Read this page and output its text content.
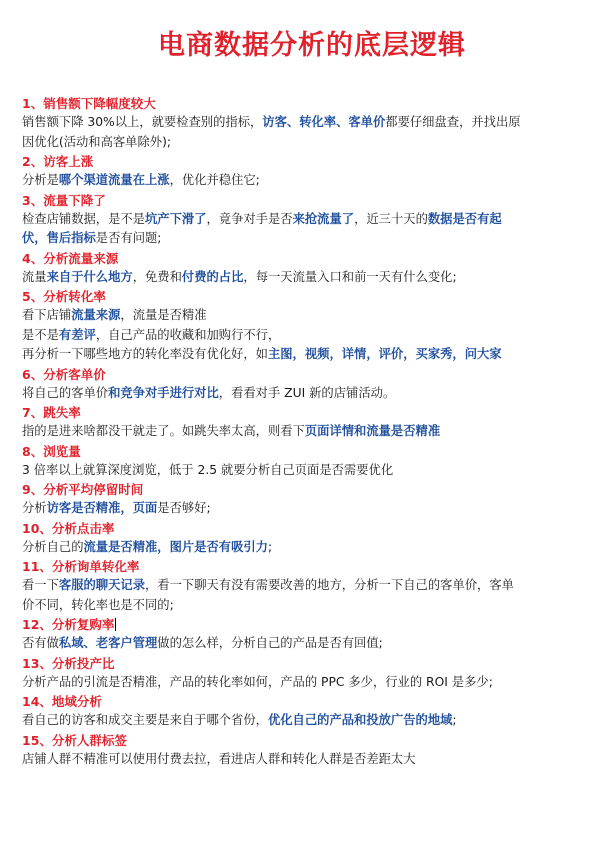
电商数据分析的底层逻辑
1、销售额下降幅度较大
销售额下降 30%以上，就要检查别的指标，访客、转化率、客单价都要仔细盘查，并找出原
因优化(活动和高客单除外);
2、访客上涨
分析是哪个渠道流量在上涨，优化并稳住它;
3、流量下降了
检查店铺数据，是不是坑产下滑了，竟争对手是否来抢流量了，近三十天的数据是否有起
伏，售后指标是否有问题;
4、分析流量来源
流量来自于什么地方，免费和付费的占比，每一天流量入口和前一天有什么变化;
5、分析转化率
看下店铺流量来源，流量是否精准
是不是有差评，自己产品的收藏和加购行不行，
再分析一下哪些地方的转化率没有优化好，如主图，视频，详情，评价，买家秀，问大家
6、分析客单价
将自己的客单价和竞争对手进行对比，看看对手 ZUI 新的店铺活动。
7、跳失率
指的是进来啥都没干就走了。如跳失率太高，则看下页面详情和流量是否精准
8、浏览量
3 倍率以上就算深度浏览，低于 2.5 就要分析自己页面是否需要优化
9、分析平均停留时间
分析访客是否精准，页面是否够好;
10、分析点击率
分析自己的流量是否精准，图片是否有吸引力;
11、分析询单转化率
看一下客服的聊天记录，看一下聊天有没有需要改善的地方，分析一下自己的客单价，客单
价不同，转化率也是不同的;
12、分析复购率
否有做私域、老客户管理做的怎么样，分析自己的产品是否有回值;
13、分析投产比
分析产品的引流是否精准，产品的转化率如何，产品的 PPC 多少，行业的 ROI 是多少;
14、地域分析
看自己的访客和成交主要是来自于哪个省份，优化自己的产品和投放广告的地域;
15、分析人群标签
店铺人群不精准可以使用付费去拉，看进店人群和转化人群是否差距太大
